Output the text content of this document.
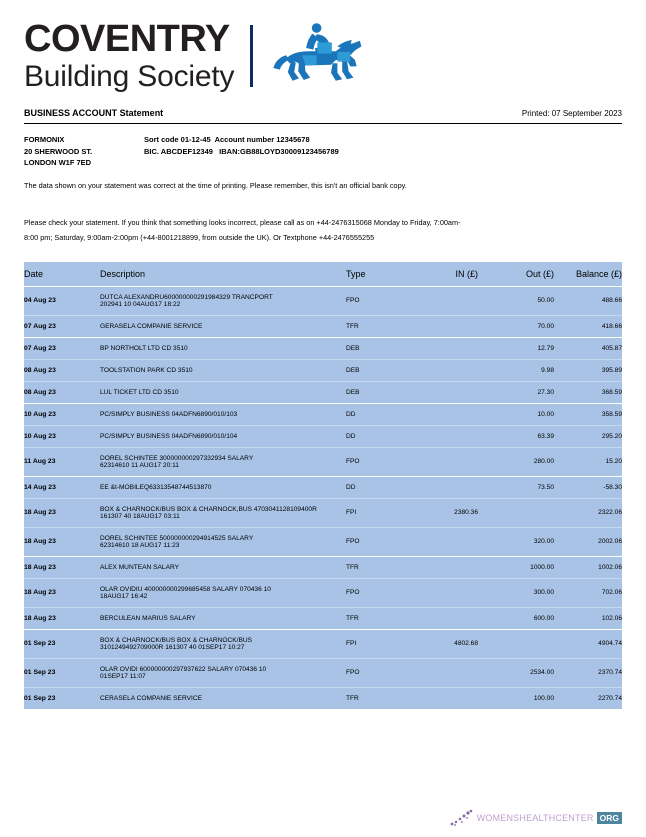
COVENTRY
Building Society
BUSINESS ACCOUNT Statement	Printed: 07 September 2023
FORMONIX
20 SHERWOOD ST.
LONDON W1F 7ED
Sort code 01-12-45  Account number 12345678
BIC. ABCDEF12349   IBAN:GB88LOYD30009123456789
The data shown on your statement was correct at the time of printing. Please remember, this isn't an official bank copy.
Please check your statement. If you think that something looks incorrect, please call as on +44-2476315068 Monday to Friday, 7:00am-
8:00 pm; Saturday, 9:00am-2:00pm (+44-8001218899, from outside the UK). Or Textphone +44-2476555255
Date	Description	Type	IN (£)	Out (£)	Balance (£)
04 Aug 23	DUTCA ALEXANDRU600000000291984329 TRANCPORT
202941 10 04AUG17 18:22	FPO		50.00	488.66
07 Aug 23	GERASELA COMPANIE SERVICE	TFR		70.00	418.66
07 Aug 23	BP NORTHOLT LTD CD 3510	DEB		12.79	405.87
08 Aug 23	TOOLSTATION PARK CD 3510	DEB		9.98	395.89
08 Aug 23	LUL TICKET LTD CD 3510	DEB		27.30	368.59
10 Aug 23	PC/SIMPLY BUSINESS 04ADFN6890/010/103	DD		10.00	358.59
10 Aug 23	PC/SIMPLY BUSINESS 04ADFN6890/010/104	DD		63.39	295.20
11 Aug 23	DOREL SCHINTEE 300000000297332934 SALARY
62314610 11 AUG17 20:11	FPO		280.00	15.20
14 Aug 23	EE &t-MOBILEQ63313548744513870	DD		73.50	-58.30
18 Aug 23	BOX & CHARNOCK/BUS BOX & CHARNOCK,BUS 4703041128109400R
161307 40 18AUG17 03:11	FPI	2380.36		2322.06
18 Aug 23	DOREL SCHINTEE 500000000294914525 SALARY
62314610 18 AUG17 11:23	FPO		320.00	2002.06
18 Aug 23	ALEX MUNTEAN SALARY	TFR		1000.00	1002.06
18 Aug 23	OLAR OVIDIU 400000000299685458 SALARY 070436 10
18AUG17 16:42	FPO		300.00	702.06
18 Aug 23	BERCULEAN MARIUS SALARY	TFR		600.00	102.06
01 Sep 23	BOX & CHARNOCK/BUS BOX & CHARNOCK/BUS
3101249492709000R 161307 40 01SEP17 10:27	FPI	4802.68		4904.74
01 Sep 23	OLAR OVIDI 600000000297937622 SALARY 070436 10
01SEP17 11:07	FPO		2534.00	2370.74
01 Sep 23	CERASELA COMPANIE SERVICE	TFR		100.00	2270.74
WOMENSHEALTHCENTER ORG
